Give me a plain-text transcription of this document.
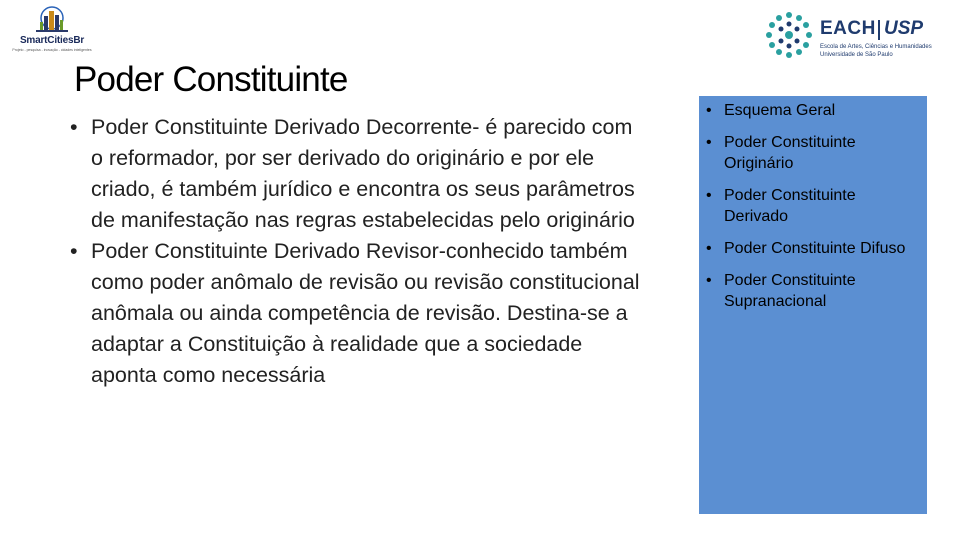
SmartCitiesBr
Projeto - pesquisa - inovação - cidades inteligentes
EACH USP
Escola de Artes, Ciências e Humanidades
Universidade de São Paulo
Poder Constituinte
• Poder Constituinte Derivado Decorrente- é parecido com o reformador, por ser derivado do originário e por ele criado, é também jurídico e encontra os seus parâmetros de manifestação nas regras estabelecidas pelo originário
• Poder Constituinte Derivado Revisor-conhecido também como poder anômalo de revisão ou revisão constitucional anômala ou ainda competência de revisão. Destina-se a adaptar a Constituição à realidade que a sociedade aponta como necessária
• Esquema Geral
• Poder Constituinte Originário
• Poder Constituinte Derivado
• Poder Constituinte Difuso
• Poder Constituinte Supranacional
